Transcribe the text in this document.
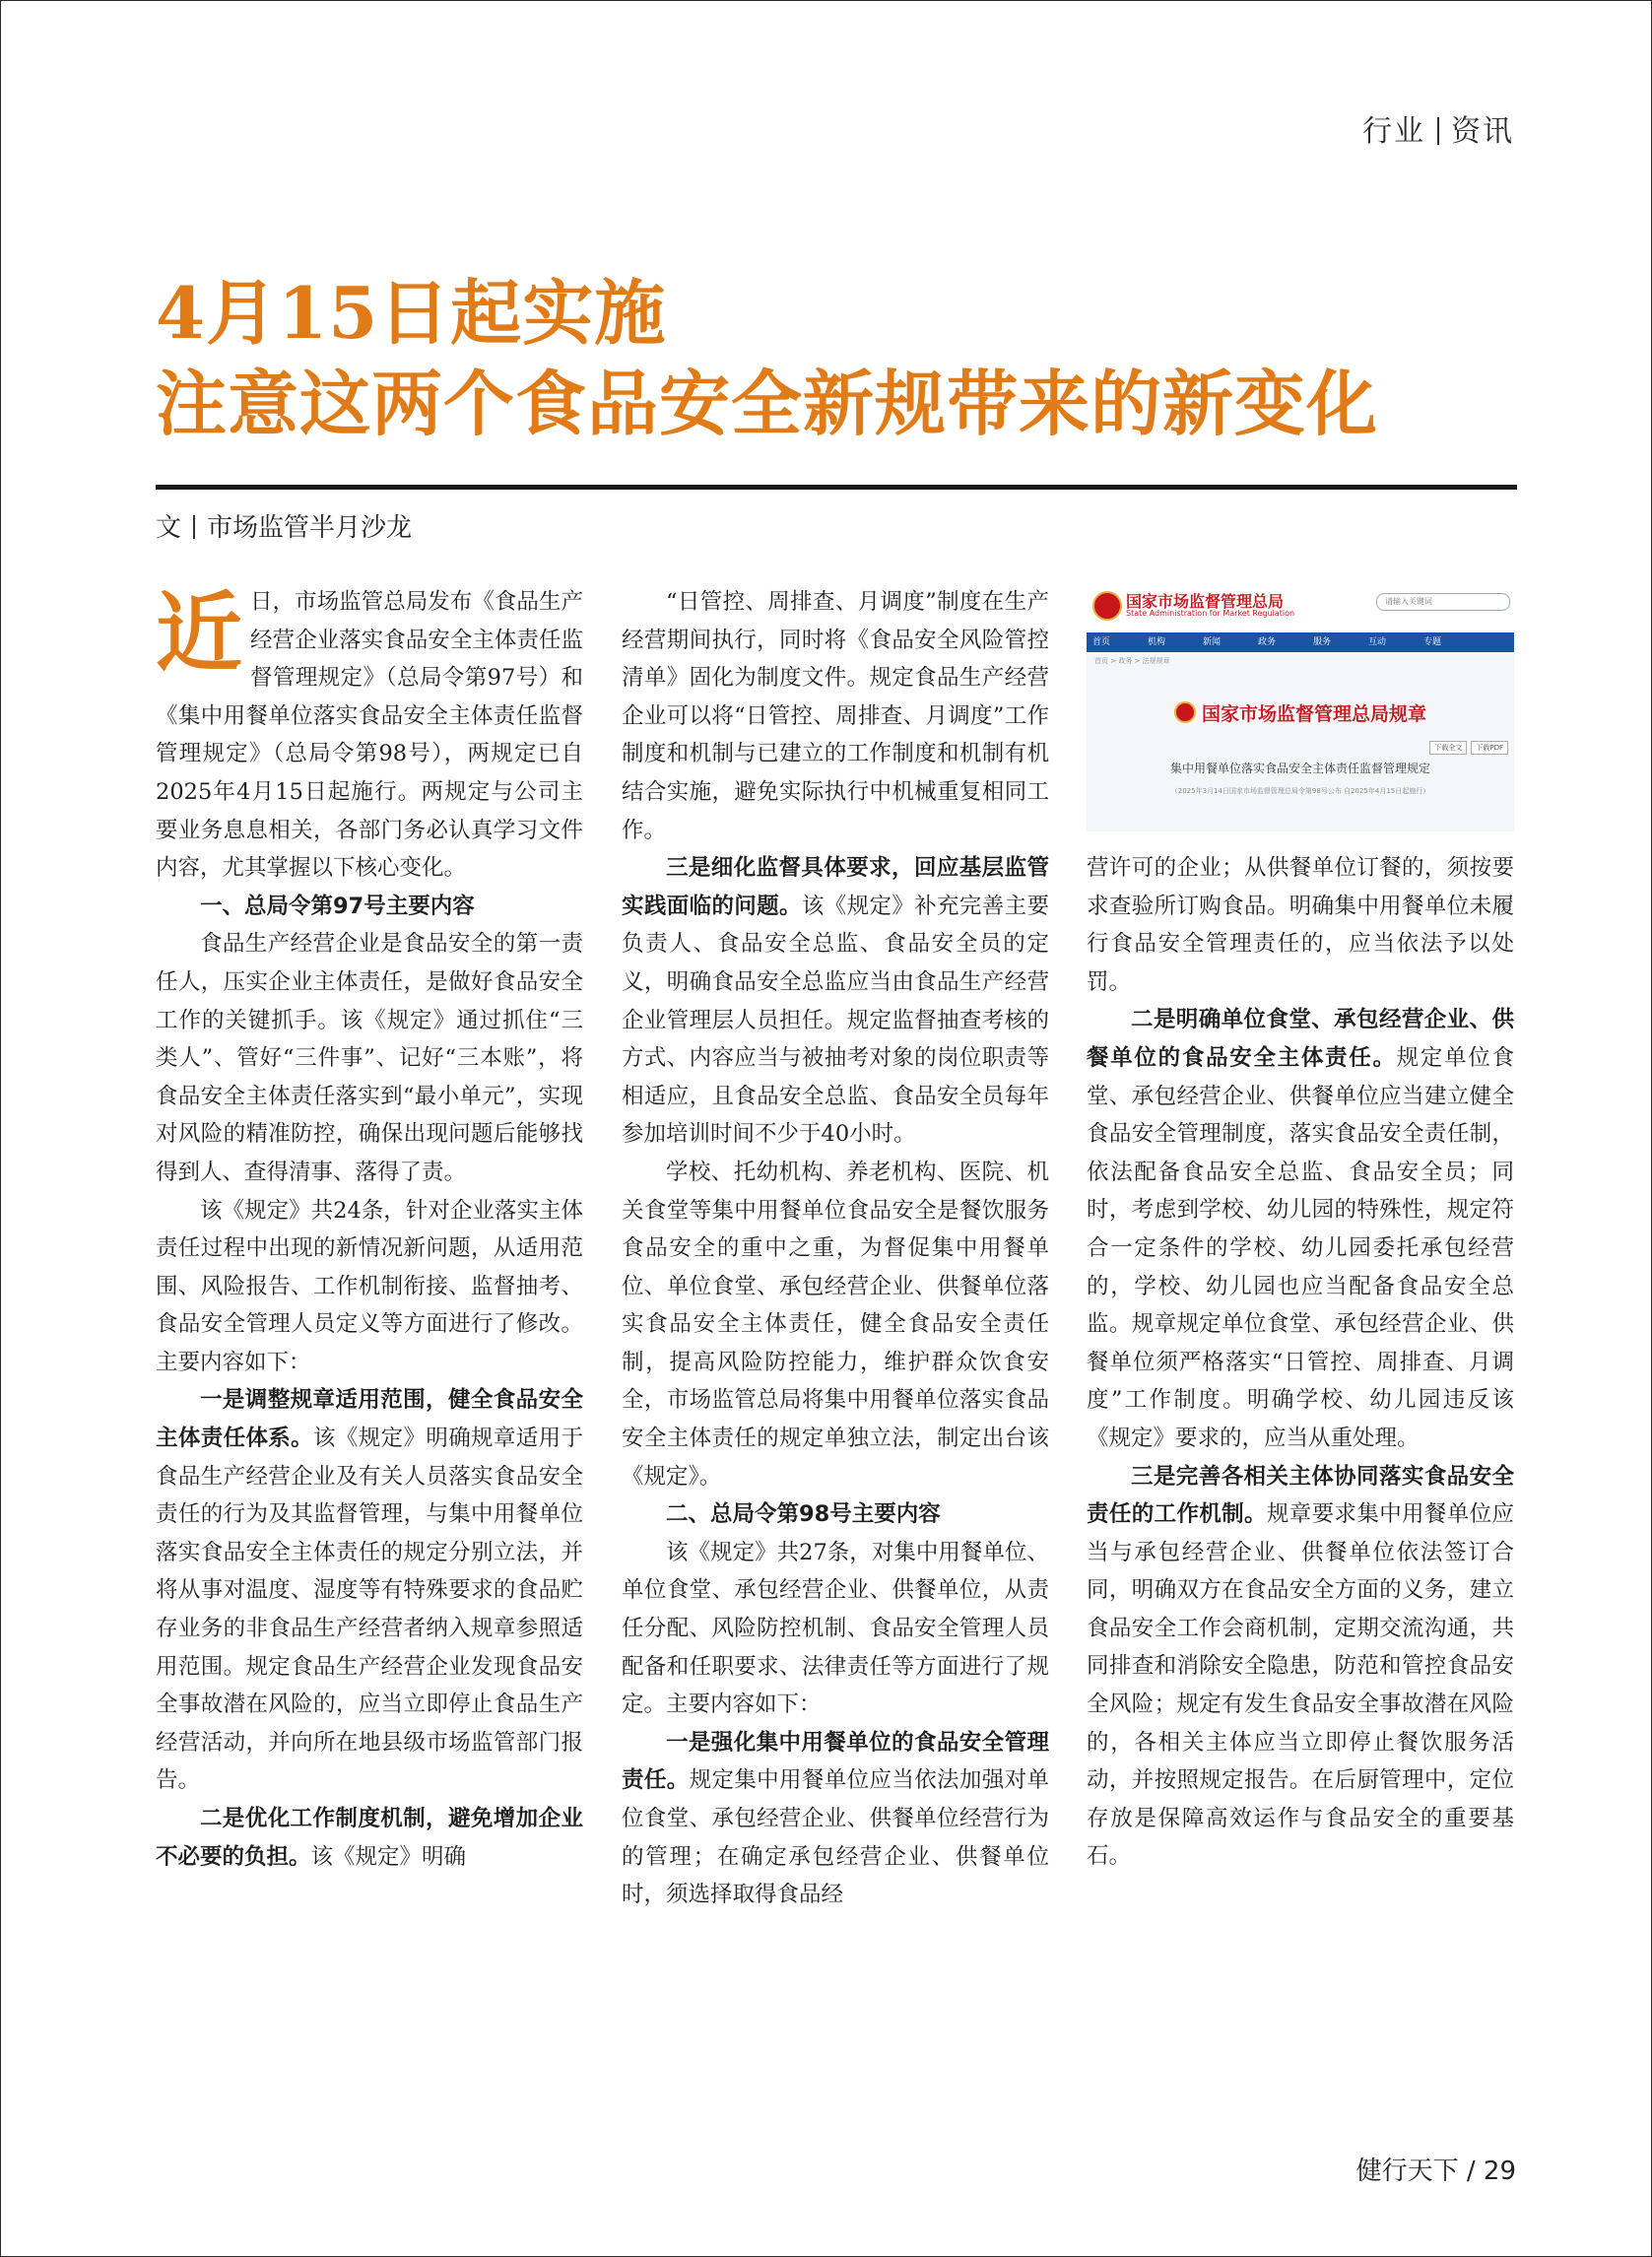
行业 资讯
4月15日起实施
注意这两个食品安全新规带来的新变化
文 市场监管半月沙龙

近日，市场监管总局发布《食品生产经营企业落实食品安全主体责任监督管理规定》（总局令第97号）和《集中用餐单位落实食品安全主体责任监督管理规定》（总局令第98号），两规定已自2025年4月15日起施行。两规定与公司主要业务息息相关，各部门务必认真学习文件内容，尤其掌握以下核心变化。

一、总局令第97号主要内容

食品生产经营企业是食品安全的第一责任人，压实企业主体责任，是做好食品安全工作的关键抓手。该《规定》通过抓住“三类人”、管好“三件事”、记好“三本账”，将食品安全主体责任落实到“最小单元”，实现对风险的精准防控，确保出现问题后能够找得到人、查得清事、落得了责。

该《规定》共24条，针对企业落实主体责任过程中出现的新情况新问题，从适用范围、风险报告、工作机制衔接、监督抽考、食品安全管理人员定义等方面进行了修改。主要内容如下：

一是调整规章适用范围，健全食品安全主体责任体系。该《规定》明确规章适用于食品生产经营企业及有关人员落实食品安全责任的行为及其监督管理，与集中用餐单位落实食品安全主体责任的规定分别立法，并将从事对温度、湿度等有特殊要求的食品贮存业务的非食品生产经营者纳入规章参照适用范围。规定食品生产经营企业发现食品安全事故潜在风险的，应当立即停止食品生产经营活动，并向所在地县级市场监管部门报告。

二是优化工作制度机制，避免增加企业不必要的负担。该《规定》明确

“日管控、周排查、月调度”制度在生产经营期间执行，同时将《食品安全风险管控清单》固化为制度文件。规定食品生产经营企业可以将“日管控、周排查、月调度”工作制度和机制与已建立的工作制度和机制有机结合实施，避免实际执行中机械重复相同工作。

三是细化监督具体要求，回应基层监管实践面临的问题。该《规定》补充完善主要负责人、食品安全总监、食品安全员的定义，明确食品安全总监应当由食品生产经营企业管理层人员担任。规定监督抽查考核的方式、内容应当与被抽考对象的岗位职责等相适应，且食品安全总监、食品安全员每年参加培训时间不少于40小时。

学校、托幼机构、养老机构、医院、机关食堂等集中用餐单位食品安全是餐饮服务食品安全的重中之重，为督促集中用餐单位、单位食堂、承包经营企业、供餐单位落实食品安全主体责任，健全食品安全责任制，提高风险防控能力，维护群众饮食安全，市场监管总局将集中用餐单位落实食品安全主体责任的规定单独立法，制定出台该《规定》。

二、总局令第98号主要内容

该《规定》共27条，对集中用餐单位、单位食堂、承包经营企业、供餐单位，从责任分配、风险防控机制、食品安全管理人员配备和任职要求、法律责任等方面进行了规定。主要内容如下：

一是强化集中用餐单位的食品安全管理责任。规定集中用餐单位应当依法加强对单位食堂、承包经营企业、供餐单位经营行为的管理；在确定承包经营企业、供餐单位时，须选择取得食品经

国家市场监督管理总局
State Administration for Market Regulation
请输入关键词
首页	机构	新闻	政务	服务	互动	专题
首页 > 政务 > 法规规章
国家市场监督管理总局规章
下载全文 下载PDF
集中用餐单位落实食品安全主体责任监督管理规定
（2025年3月14日国家市场监督管理总局令第98号公布 自2025年4月15日起施行）

营许可的企业；从供餐单位订餐的，须按要求查验所订购食品。明确集中用餐单位未履行食品安全管理责任的，应当依法予以处罚。

二是明确单位食堂、承包经营企业、供餐单位的食品安全主体责任。规定单位食堂、承包经营企业、供餐单位应当建立健全食品安全管理制度，落实食品安全责任制，依法配备食品安全总监、食品安全员；同时，考虑到学校、幼儿园的特殊性，规定符合一定条件的学校、幼儿园委托承包经营的，学校、幼儿园也应当配备食品安全总监。规章规定单位食堂、承包经营企业、供餐单位须严格落实“日管控、周排查、月调度”工作制度。明确学校、幼儿园违反该《规定》要求的，应当从重处理。

三是完善各相关主体协同落实食品安全责任的工作机制。规章要求集中用餐单位应当与承包经营企业、供餐单位依法签订合同，明确双方在食品安全方面的义务，建立食品安全工作会商机制，定期交流沟通，共同排查和消除安全隐患，防范和管控食品安全风险；规定有发生食品安全事故潜在风险的，各相关主体应当立即停止餐饮服务活动，并按照规定报告。在后厨管理中，定位存放是保障高效运作与食品安全的重要基石。

健行天下 / 29
